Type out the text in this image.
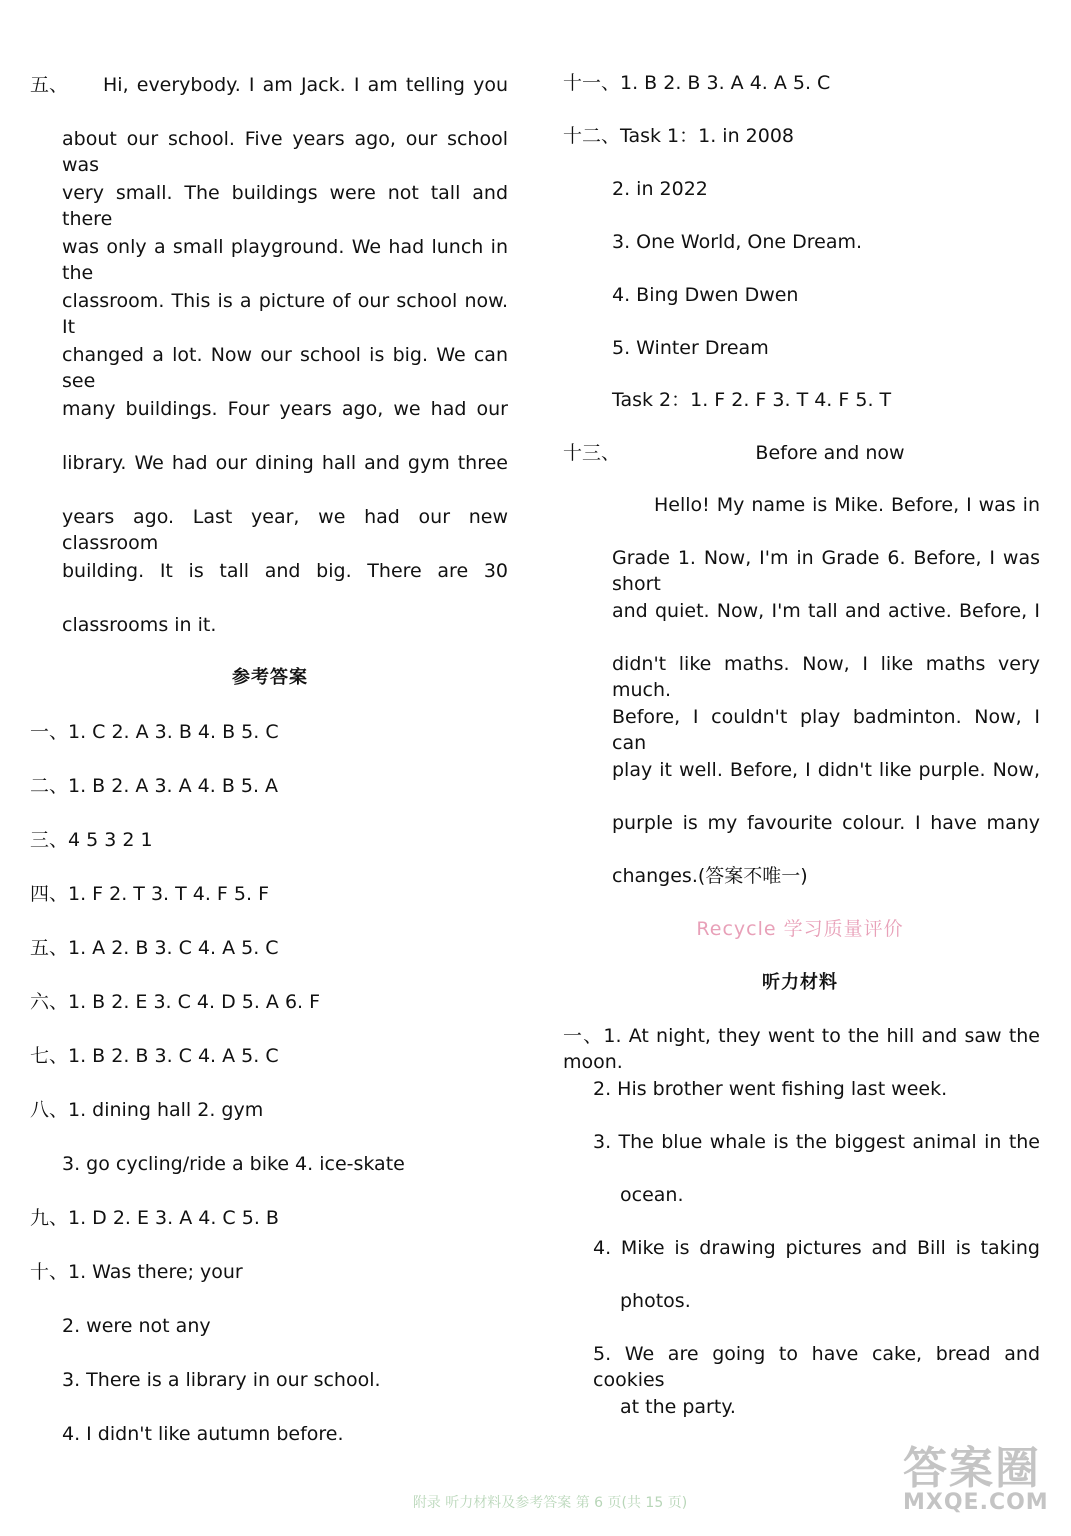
五、 Hi, everybody. I am Jack. I am telling you
about our school. Five years ago, our school was
very small. The buildings were not tall and there
was only a small playground. We had lunch in the
classroom. This is a picture of our school now. It
changed a lot. Now our school is big. We can see
many buildings. Four years ago, we had our
library. We had our dining hall and gym three
years ago. Last year, we had our new classroom
building. It is tall and big. There are 30
classrooms in it.
参考答案
一、1. C 2. A 3. B 4. B 5. C
二、1. B 2. A 3. A 4. B 5. A
三、4 5 3 2 1
四、1. F 2. T 3. T 4. F 5. F
五、1. A 2. B 3. C 4. A 5. C
六、1. B 2. E 3. C 4. D 5. A 6. F
七、1. B 2. B 3. C 4. A 5. C
八、1. dining hall 2. gym
3. go cycling/ride a bike 4. ice-skate
九、1. D 2. E 3. A 4. C 5. B
十、1. Was there; your
2. were not any
3. There is a library in our school.
4. I didn't like autumn before.
十一、1. B 2. B 3. A 4. A 5. C
十二、Task 1：1. in 2008
2. in 2022
3. One World, One Dream.
4. Bing Dwen Dwen
5. Winter Dream
Task 2：1. F 2. F 3. T 4. F 5. T
十三、	Before and now
Hello! My name is Mike. Before, I was in
Grade 1. Now, I'm in Grade 6. Before, I was short
and quiet. Now, I'm tall and active. Before, I
didn't like maths. Now, I like maths very much.
Before, I couldn't play badminton. Now, I can
play it well. Before, I didn't like purple. Now,
purple is my favourite colour. I have many
changes.(答案不唯一)
Recycle 学习质量评价
听力材料
一、1. At night, they went to the hill and saw the moon.
2. His brother went fishing last week.
3. The blue whale is the biggest animal in the
ocean.
4. Mike is drawing pictures and Bill is taking
photos.
5. We are going to have cake, bread and cookies
at the party.
附录 听力材料及参考答案 第 6 页(共 15 页)
答案圈
MXQE.COM
